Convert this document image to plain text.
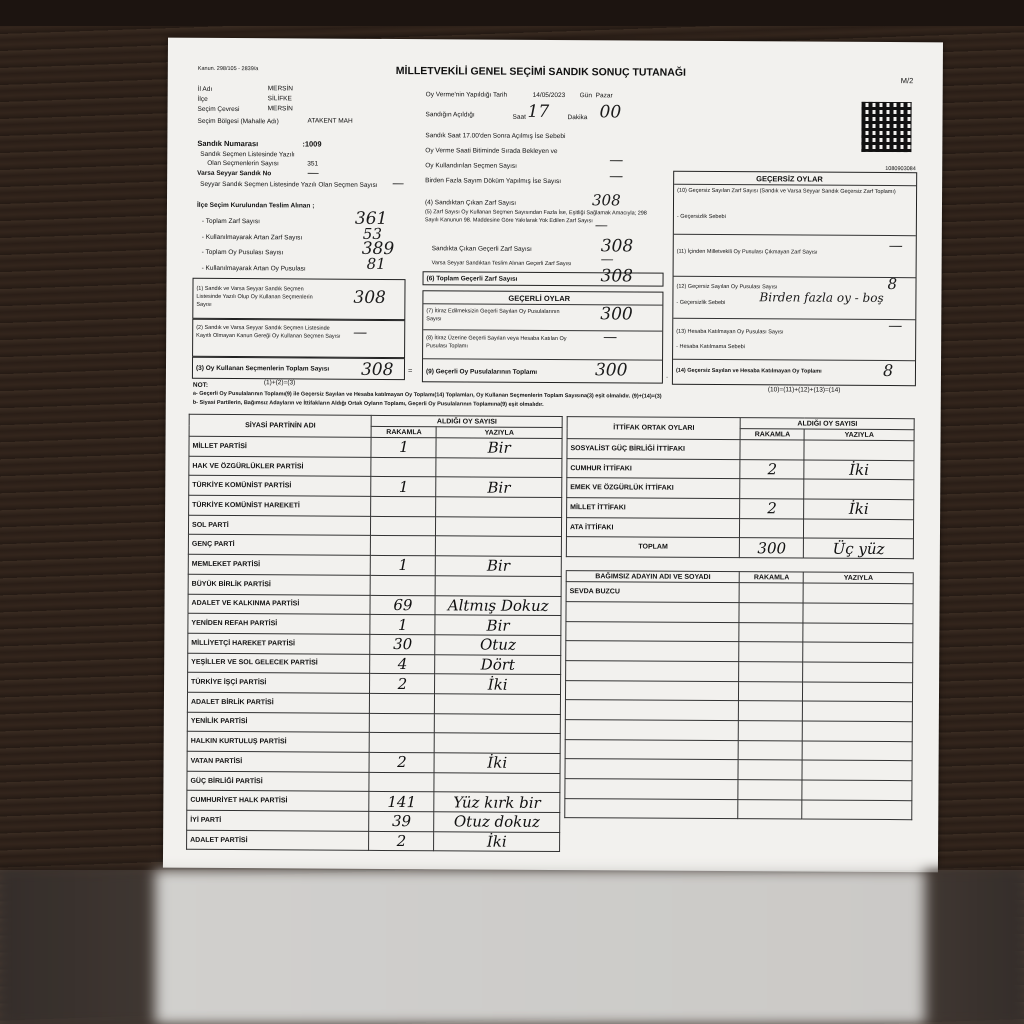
Kanun. 298/105 - 2839/a	MİLLETVEKİLİ GENEL SEÇİMİ SANDIK SONUÇ TUTANAĞI
M/2
1080903084
İl Adı	MERSİN
İlçe	SİLİFKE
Seçim Çevresi	MERSİN
Seçim Bölgesi (Mahalle Adı)	ATAKENT MAH
Sandık Numarası	:1009
Sandık Seçmen Listesinde Yazılı
Olan Seçmenlerin Sayısı	351
Varsa Seyyar Sandık No	—
Seyyar Sandık Seçmen Listesinde Yazılı Olan Seçmen Sayısı —
Oy Verme'nin Yapıldığı Tarih	14/05/2023 Gün Pazar
Sandığın Açıldığı	Saat 17	Dakika 00
Sandık Saat 17.00'den Sonra Açılmış İse Sebebi
Oy Verme Saati Bitiminde Sırada Bekleyen ve
Oy Kullandırılan Seçmen Sayısı	—
Birden Fazla Sayım Döküm Yapılmış İse Sayısı	—
İlçe Seçim Kurulundan Teslim Alınan ;
- Toplam Zarf Sayısı	361
- Kullanılmayarak Artan Zarf Sayısı	53
- Toplam Oy Pusulası Sayısı	389
- Kullanılmayarak Artan Oy Pusulası	81
(1) Sandık ve Varsa Seyyar Sandık Seçmen Listesinde Yazılı Olup Oy Kullanan Seçmenlerin Sayısı	308
(2) Sandık ve Varsa Seyyar Sandık Seçmen Listesinde Kayıtlı Olmayan Kanun Gereği Oy Kullanan Seçmen Sayısı —
(3) Oy Kullanan Seçmenlerin Toplam Sayısı 308 =
NOT:	(1)+(2)=(3)
(4) Sandıktan Çıkan Zarf Sayısı	308
(5) Zarf Sayısı Oy Kullanan Seçmen Sayısından Fazla İse, Eşitliği Sağlamak Amacıyla; 298 Sayılı Kanunun 98. Maddesine Göre Yakılarak Yok Edilen Zarf Sayısı —
Sandıkta Çıkan Geçerli Zarf Sayısı	308
Varsa Seyyar Sandıktan Teslim Alınan Geçerli Zarf Sayısı	—
(6) Toplam Geçerli Zarf Sayısı	308
GEÇERLİ OYLAR
(7) İtiraz Edilmeksizin Geçerli Sayılan Oy Pusulalarının Sayısı	300
(8) İtiraz Üzerine Geçerli Sayılan veya Hesaba Katılan Oy Pusulası Toplamı
—
(9) Geçerli Oy Pusulalarının Toplamı	300	.
GEÇERSİZ OYLAR
(10) Geçersiz Sayılan Zarf Sayısı (Sandık ve Varsa Seyyar Sandık Geçersiz Zarf Toplamı)
- Geçersizlik Sebebi
(11) İçinden Milletvekili Oy Pusulası Çıkmayan Zarf Sayısı	—
(12) Geçersiz Sayılan Oy Pusulası Sayısı	8
- Geçersizlik Sebebi	Birden fazla oy - boş
(13) Hesaba Katılmayan Oy Pusulası Sayısı	—
- Hesaba Katılmama Sebebi
(14) Geçersiz Sayılan ve Hesaba Katılmayan Oy Toplamı	8
(10)=(11)+(12)+(13)=(14)
a- Geçerli Oy Pusulalarının Toplamı(9) ile Geçersiz Sayılan ve Hesaba katılmayan Oy Toplamı(14) Toplamları, Oy Kullanan Seçmenlerin Toplam Sayısına(3) eşit olmalıdır. (9)+(14)=(3)
b- Siyasi Partilerin, Bağımsız Adayların ve İttifakların Aldığı Ortak Oyların Toplamı, Geçerli Oy Pusulalarının Toplamına(9) eşit olmalıdır.
SİYASİ PARTİNİN ADI	ALDIĞI OY SAYISI	
	RAKAMLA	YAZIYLA
MİLLET PARTİSİ	1	Bir
HAK VE ÖZGÜRLÜKLER PARTİSİ		
TÜRKİYE KOMÜNİST PARTİSİ	1	Bir
TÜRKİYE KOMÜNİST HAREKETİ		
SOL PARTİ		
GENÇ PARTİ		
MEMLEKET PARTİSİ	1	Bir
BÜYÜK BİRLİK PARTİSİ		
ADALET VE KALKINMA PARTİSİ	69	Altmış Dokuz
YENİDEN REFAH PARTİSİ	1	Bir
MİLLİYETÇİ HAREKET PARTİSİ	30	Otuz
YEŞİLLER VE SOL GELECEK PARTİSİ	4	Dört
TÜRKİYE İŞÇİ PARTİSİ	2	İki
ADALET BİRLİK PARTİSİ		
YENİLİK PARTİSİ		
HALKIN KURTULUŞ PARTİSİ		
VATAN PARTİSİ	2	İki
GÜÇ BİRLİĞİ PARTİSİ		
CUMHURİYET HALK PARTİSİ	141	Yüz kırk bir
İYİ PARTİ	39	Otuz dokuz
ADALET PARTİSİ	2	İki
İTTİFAK ORTAK OYLARI	ALDIĞI OY SAYISI	
	RAKAMLA	YAZIYLA
SOSYALİST GÜÇ BİRLİĞİ İTTİFAKI		
CUMHUR İTTİFAKI	2	İki
EMEK VE ÖZGÜRLÜK İTTİFAKI		
MİLLET İTTİFAKI	2	İki
ATA İTTİFAKI		
TOPLAM	300	Üç yüz

BAĞIMSIZ ADAYIN ADI VE SOYADI	RAKAMLA	YAZIYLA
SEVDA BUZCU		
